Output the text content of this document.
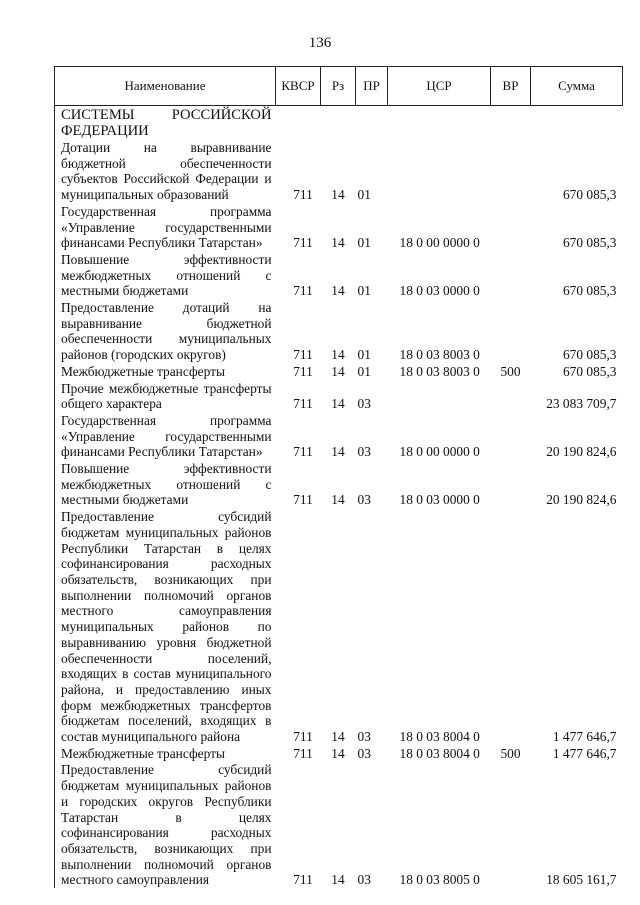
136
Наименование	КВСР	Рз	ПР	ЦСР	ВР	Сумма
СИСТЕМЫ РОССИЙСКОЙ ФЕДЕРАЦИИ						
Дотации на выравнивание бюджетной обеспеченности субъектов Российской Федерации и муниципальных образований	711	14	01			670 085,3
Государственная программа «Управление государственными финансами Республики Татарстан»	711	14	01	18 0 00 0000 0		670 085,3
Повышение эффективности межбюджетных отношений с местными бюджетами	711	14	01	18 0 03 0000 0		670 085,3
Предоставление дотаций на выравнивание бюджетной обеспеченности муниципальных районов (городских округов)	711	14	01	18 0 03 8003 0		670 085,3
Межбюджетные трансферты	711	14	01	18 0 03 8003 0	500	670 085,3
Прочие межбюджетные трансферты общего характера	711	14	03			23 083 709,7
Государственная программа «Управление государственными финансами Республики Татарстан»	711	14	03	18 0 00 0000 0		20 190 824,6
Повышение эффективности межбюджетных отношений с местными бюджетами	711	14	03	18 0 03 0000 0		20 190 824,6
Предоставление субсидий бюджетам муниципальных районов Республики Татарстан в целях софинансирования расходных обязательств, возникающих при выполнении полномочий органов местного самоуправления муниципальных районов по выравниванию уровня бюджетной обеспеченности поселений, входящих в состав муниципального района, и предоставлению иных форм межбюджетных трансфертов бюджетам поселений, входящих в состав муниципального района	711	14	03	18 0 03 8004 0		1 477 646,7
Межбюджетные трансферты	711	14	03	18 0 03 8004 0	500	1 477 646,7
Предоставление субсидий бюджетам муниципальных районов и городских округов Республики Татарстан в целях софинансирования расходных обязательств, возникающих при выполнении полномочий органов местного самоуправления	711	14	03	18 0 03 8005 0		18 605 161,7
